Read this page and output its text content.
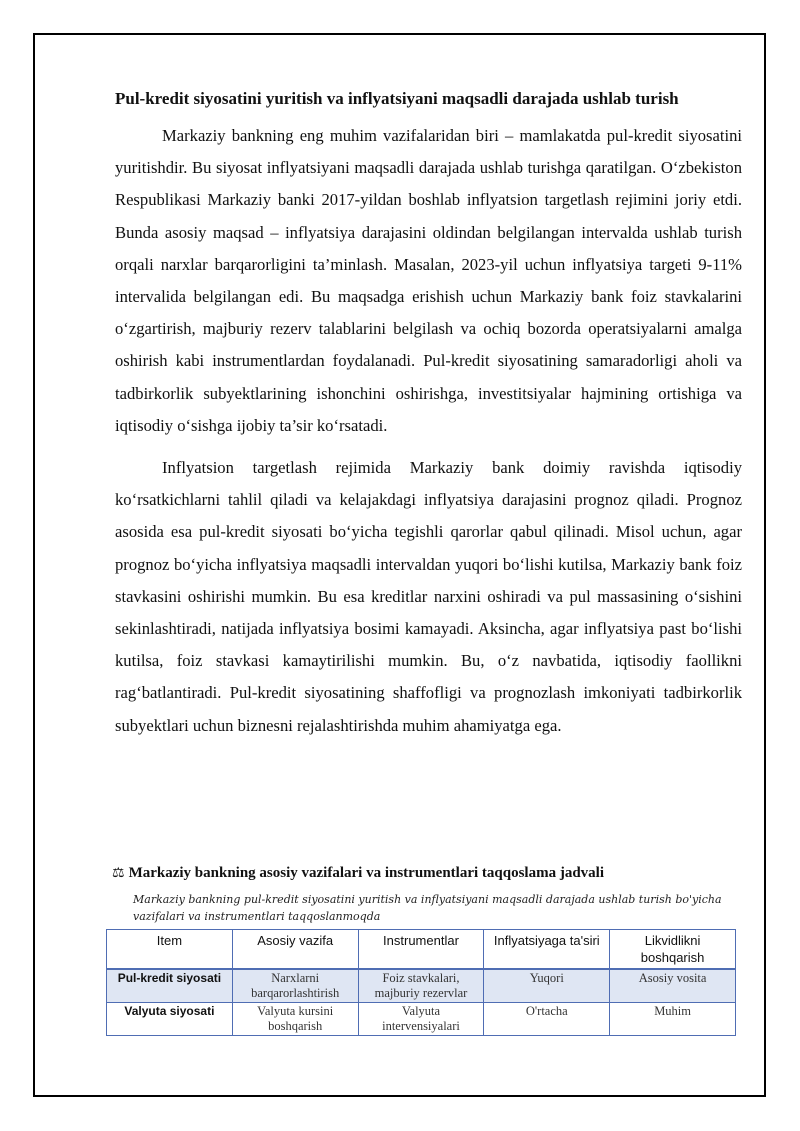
Pul-kredit siyosatini yuritish va inflyatsiyani maqsadli darajada ushlab turish

Markaziy bankning eng muhim vazifalaridan biri – mamlakatda pul-kredit siyosatini yuritishdir. Bu siyosat inflyatsiyani maqsadli darajada ushlab turishga qaratilgan. O‘zbekiston Respublikasi Markaziy banki 2017-yildan boshlab inflyatsion targetlash rejimini joriy etdi. Bunda asosiy maqsad – inflyatsiya darajasini oldindan belgilangan intervalda ushlab turish orqali narxlar barqarorligini ta’minlash. Masalan, 2023-yil uchun inflyatsiya targeti 9-11% intervalida belgilangan edi. Bu maqsadga erishish uchun Markaziy bank foiz stavkalarini o‘zgartirish, majburiy rezerv talablarini belgilash va ochiq bozorda operatsiyalarni amalga oshirish kabi instrumentlardan foydalanadi. Pul-kredit siyosatining samaradorligi aholi va tadbirkorlik subyektlarining ishonchini oshirishga, investitsiyalar hajmining ortishiga va iqtisodiy o‘sishga ijobiy ta’sir ko‘rsatadi.

Inflyatsion targetlash rejimida Markaziy bank doimiy ravishda iqtisodiy ko‘rsatkichlarni tahlil qiladi va kelajakdagi inflyatsiya darajasini prognoz qiladi. Prognoz asosida esa pul-kredit siyosati bo‘yicha tegishli qarorlar qabul qilinadi. Misol uchun, agar prognoz bo‘yicha inflyatsiya maqsadli intervaldan yuqori bo‘lishi kutilsa, Markaziy bank foiz stavkasini oshirishi mumkin. Bu esa kreditlar narxini oshiradi va pul massasining o‘sishini sekinlashtiradi, natijada inflyatsiya bosimi kamayadi. Aksincha, agar inflyatsiya past bo‘lishi kutilsa, foiz stavkasi kamaytirilishi mumkin. Bu, o‘z navbatida, iqtisodiy faollikni rag‘batlantiradi. Pul-kredit siyosatining shaffofligi va prognozlash imkoniyati tadbirkorlik subyektlari uchun biznesni rejalashtirishda muhim ahamiyatga ega.

⚖ Markaziy bankning asosiy vazifalari va instrumentlari taqqoslama jadvali

Markaziy bankning pul-kredit siyosatini yuritish va inflyatsiyani maqsadli darajada ushlab turish bo'yicha vazifalari va instrumentlari taqqoslanmoqda

Item	Asosiy vazifa	Instrumentlar	Inflyatsiyaga ta'siri	Likvidlikni boshqarish
Pul-kredit siyosati	Narxlarni barqarorlashtirish	Foiz stavkalari, majburiy rezervlar	Yuqori	Asosiy vosita
Valyuta siyosati	Valyuta kursini boshqarish	Valyuta intervensiyalari	O'rtacha	Muhim
